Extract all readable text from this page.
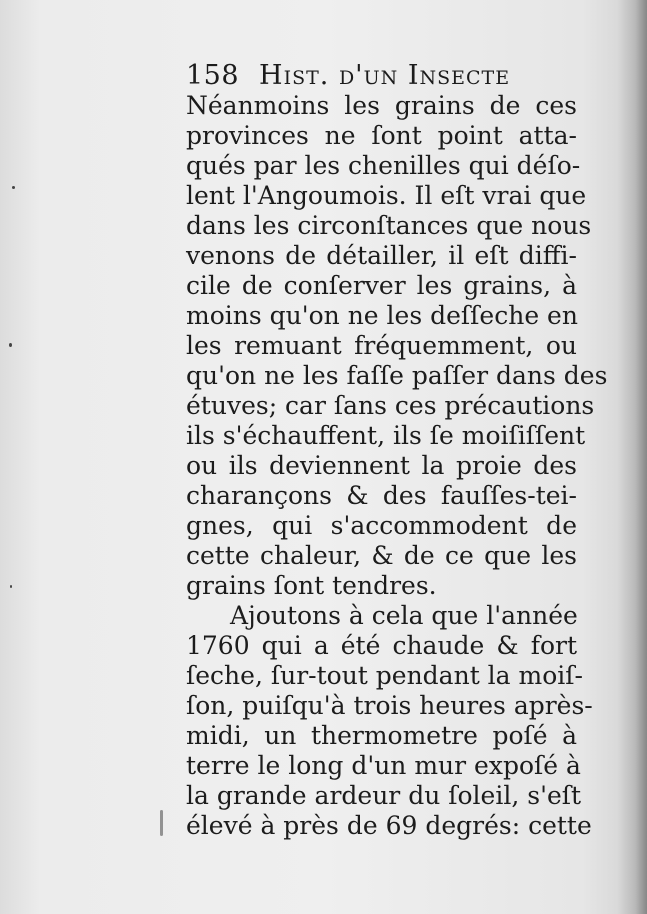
158 Hist. d'un Insecte
Néanmoins les grains de ces
provinces ne ſont point atta-
qués par les chenilles qui déſo-
lent l'Angoumois. Il eſt vrai que
dans les circonſtances que nous
venons de détailler, il eſt diffi-
cile de conſerver les grains, à
moins qu'on ne les deſſeche en
les remuant fréquemment, ou
qu'on ne les faſſe paſſer dans des
étuves; car ſans ces précautions
ils s'échauffent, ils ſe moiſiſſent
ou ils deviennent la proie des
charançons & des fauſſes-tei-
gnes, qui s'accommodent de
cette chaleur, & de ce que les
grains ſont tendres.
Ajoutons à cela que l'année
1760 qui a été chaude & fort
ſeche, ſur-tout pendant la moiſ-
ſon, puiſqu'à trois heures après-
midi, un thermometre poſé à
terre le long d'un mur expoſé à
la grande ardeur du ſoleil, s'eſt
élevé à près de 69 degrés: cette
